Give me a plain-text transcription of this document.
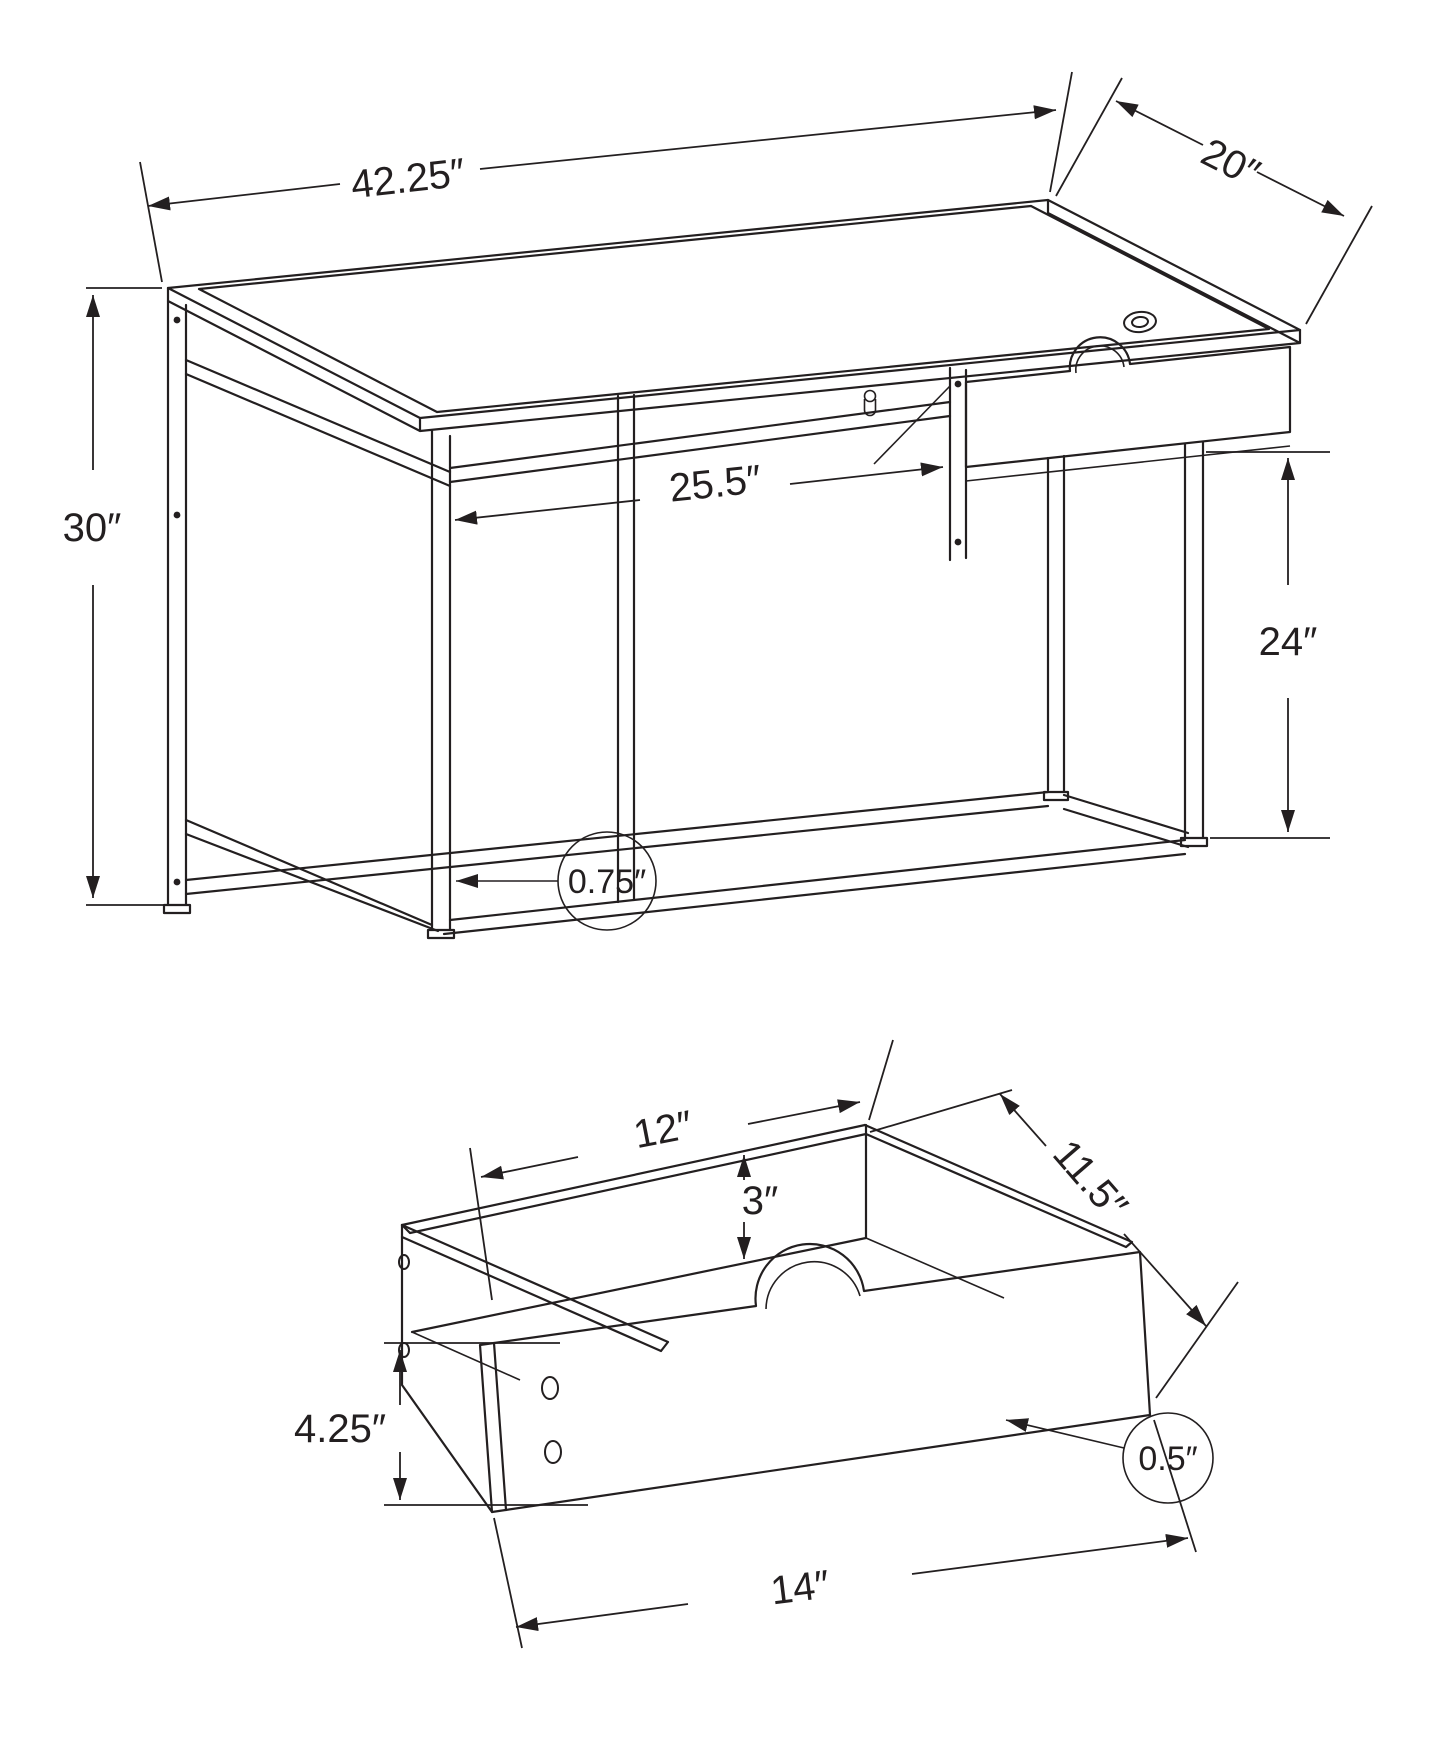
42.25″	20″
30″
25.5″
24″
0.75″
12″
3″	11.5″
4.25″
0.5″
14″
